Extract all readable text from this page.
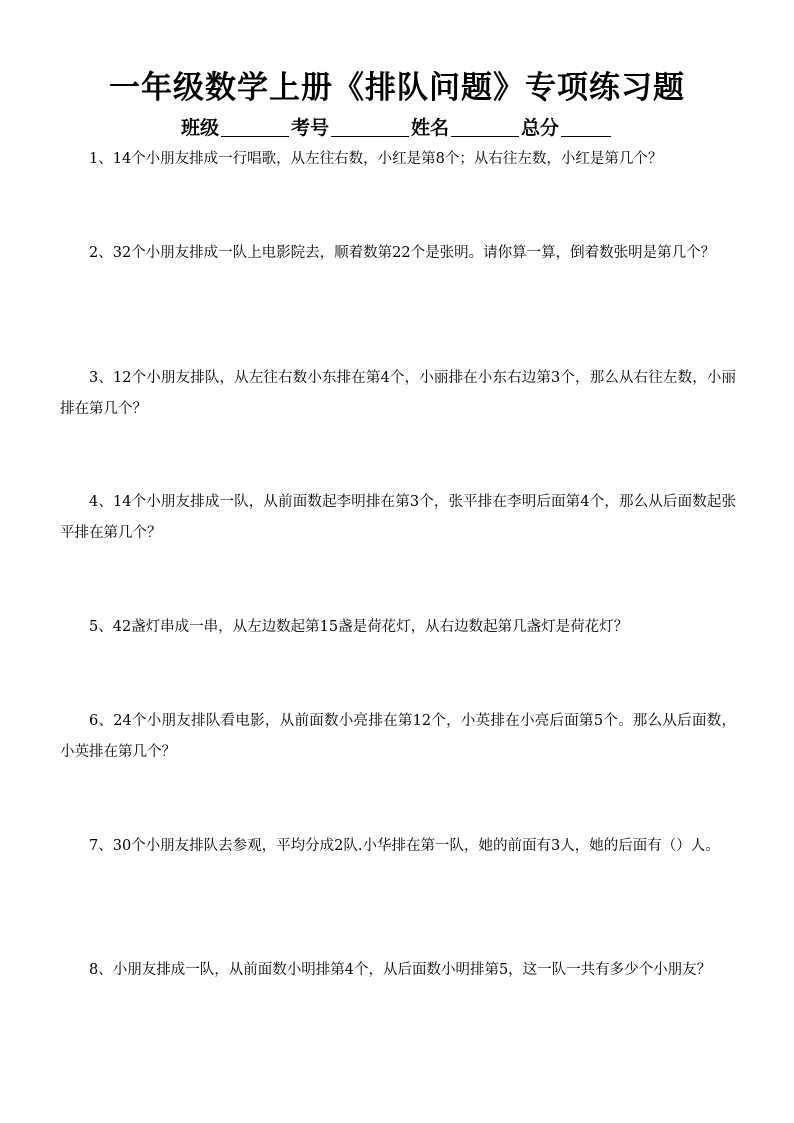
一年级数学上册《排队问题》专项练习题
班级	考号	姓名	总分

1、14个小朋友排成一行唱歌，从左往右数，小红是第8个；从右往左数，小红是第几个？

2、32个小朋友排成一队上电影院去，顺着数第22个是张明。请你算一算，倒着数张明是第几个？

3、12个小朋友排队，从左往右数小东排在第4个，小丽排在小东右边第3个，那么从右往左数，小丽排在第几个？

4、14个小朋友排成一队，从前面数起李明排在第3个，张平排在李明后面第4个，那么从后面数起张平排在第几个？

5、42盏灯串成一串，从左边数起第15盏是荷花灯，从右边数起第几盏灯是荷花灯？

6、24个小朋友排队看电影，从前面数小亮排在第12个，小英排在小亮后面第5个。那么从后面数，小英排在第几个？

7、30个小朋友排队去参观，平均分成2队.小华排在第一队，她的前面有3人，她的后面有（）人。

8、小朋友排成一队，从前面数小明排第4个，从后面数小明排第5，这一队一共有多少个小朋友？
